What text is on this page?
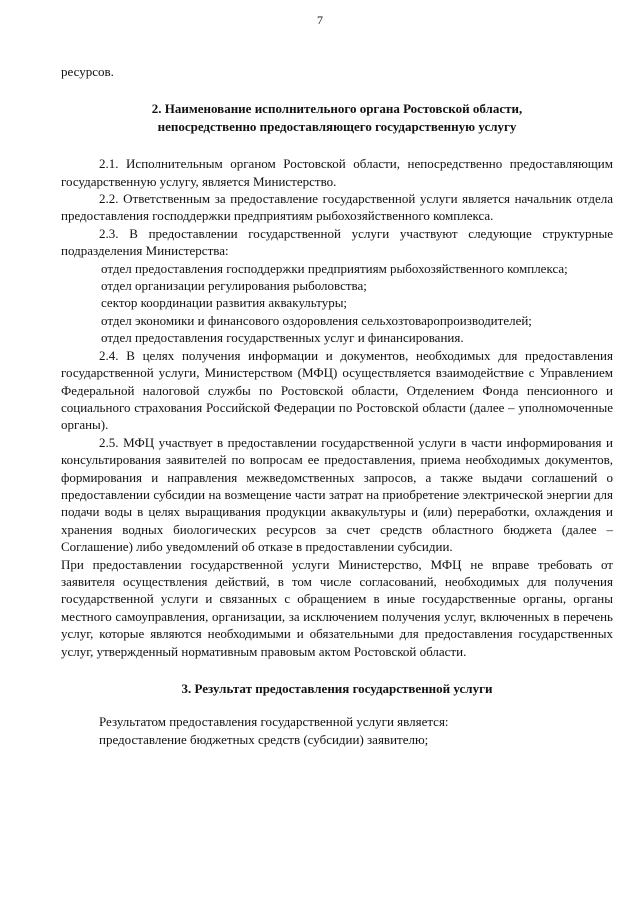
7

ресурсов.

2. Наименование исполнительного органа Ростовской области,

непосредственно предоставляющего государственную услугу

2.1. Исполнительным органом Ростовской области, непосредственно предоставляющим государственную услугу, является Министерство.

2.2. Ответственным за предоставление государственной услуги является начальник отдела предоставления господдержки предприятиям рыбохозяйственного комплекса.

2.3. В предоставлении государственной услуги участвуют следующие структурные подразделения Министерства:

отдел предоставления господдержки предприятиям рыбохозяйственного комплекса;

отдел организации регулирования рыболовства;

сектор координации развития аквакультуры;

отдел экономики и финансового оздоровления сельхозтоваропроизводителей;

отдел предоставления государственных услуг и финансирования.

2.4. В целях получения информации и документов, необходимых для предоставления государственной услуги, Министерством (МФЦ) осуществляется взаимодействие с Управлением Федеральной налоговой службы по Ростовской области, Отделением Фонда пенсионного и социального страхования Российской Федерации по Ростовской области (далее – уполномоченные органы).

2.5. МФЦ участвует в предоставлении государственной услуги в части информирования и консультирования заявителей по вопросам ее предоставления, приема необходимых документов, формирования и направления межведомственных запросов, а также выдачи соглашений о предоставлении субсидии на возмещение части затрат на приобретение электрической энергии для подачи воды в целях выращивания продукции аквакультуры и (или) переработки, охлаждения и хранения водных биологических ресурсов за счет средств областного бюджета (далее – Соглашение) либо уведомлений об отказе в предоставлении субсидии.

При предоставлении государственной услуги Министерство, МФЦ не вправе требовать от заявителя осуществления действий, в том числе согласований, необходимых для получения государственной услуги и связанных с обращением в иные государственные органы, органы местного самоуправления, организации, за исключением получения услуг, включенных в перечень услуг, которые являются необходимыми и обязательными для предоставления государственных услуг, утвержденный нормативным правовым актом Ростовской области.

3. Результат предоставления государственной услуги

Результатом предоставления государственной услуги является:

предоставление бюджетных средств (субсидии) заявителю;
